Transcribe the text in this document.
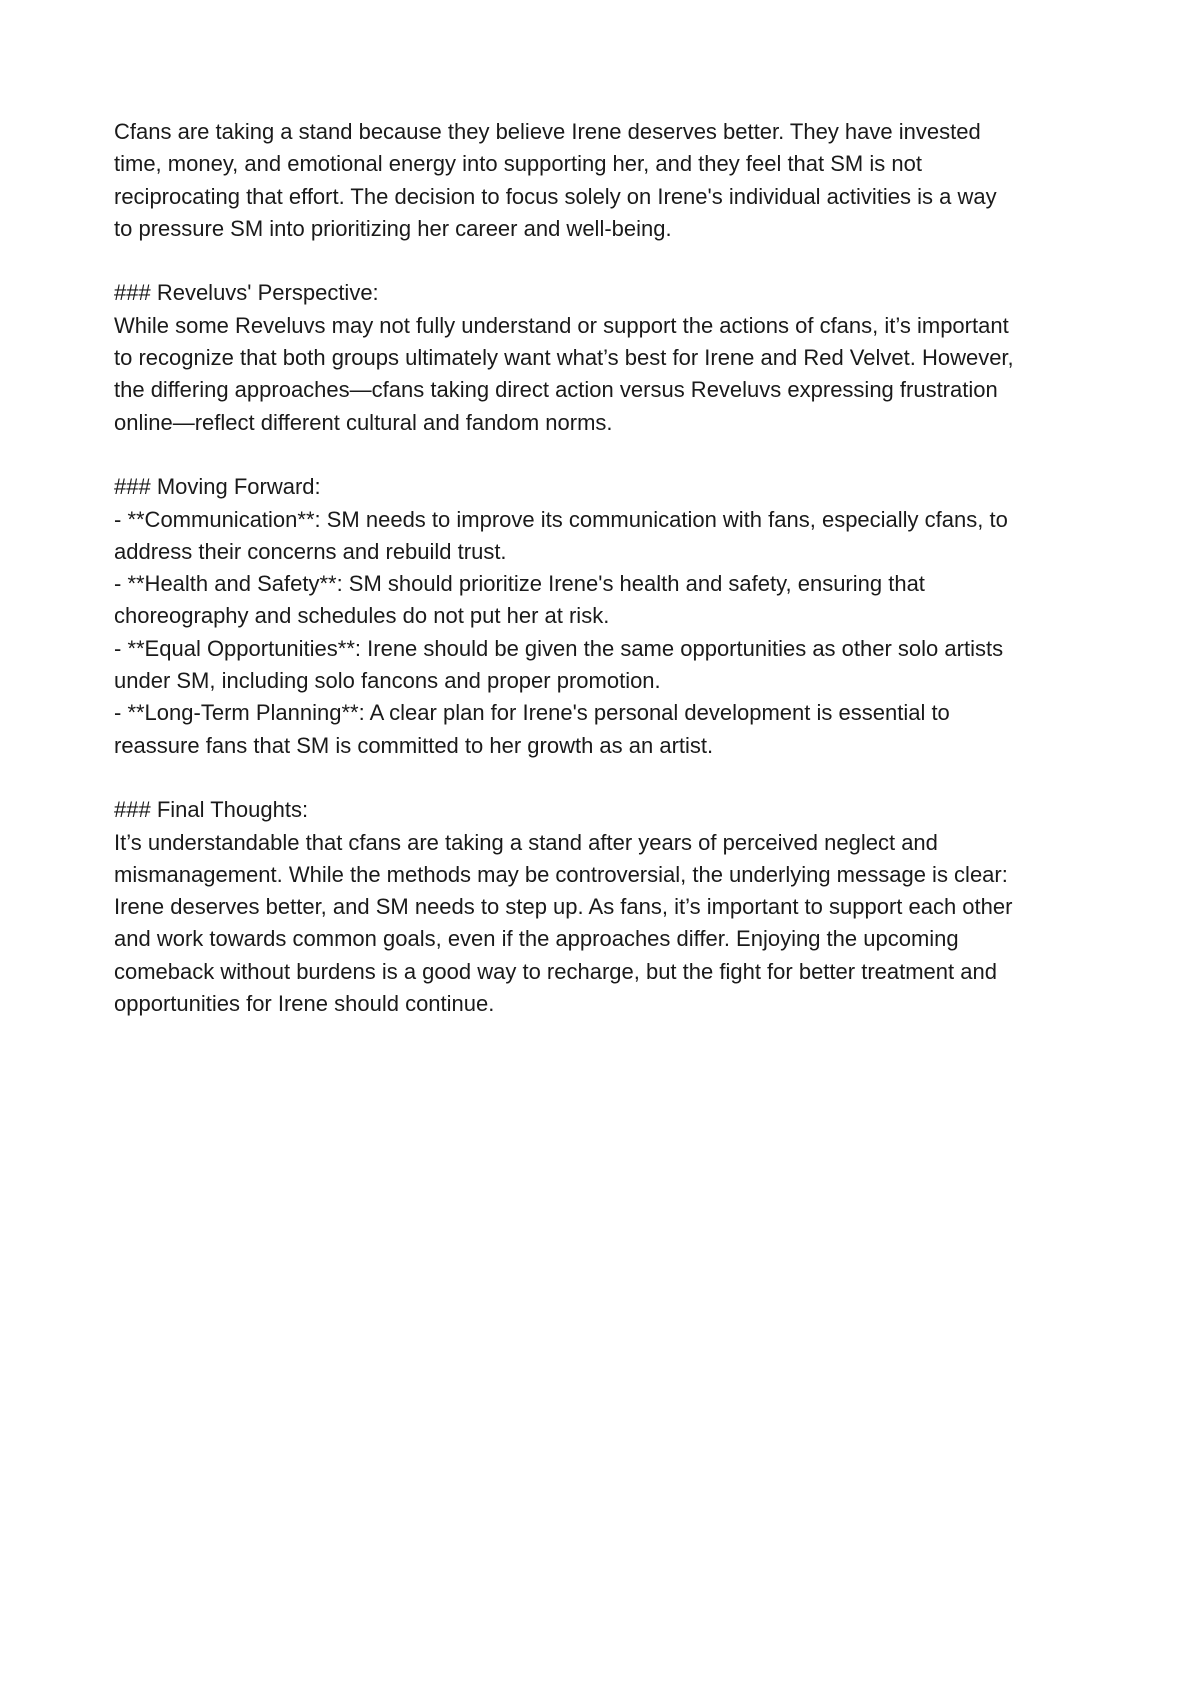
Cfans are taking a stand because they believe Irene deserves better. They have invested
time, money, and emotional energy into supporting her, and they feel that SM is not
reciprocating that effort. The decision to focus solely on Irene's individual activities is a way
to pressure SM into prioritizing her career and well-being.
### Reveluvs' Perspective:
While some Reveluvs may not fully understand or support the actions of cfans, it’s important
to recognize that both groups ultimately want what’s best for Irene and Red Velvet. However,
the differing approaches—cfans taking direct action versus Reveluvs expressing frustration
online—reflect different cultural and fandom norms.
### Moving Forward:
- **Communication**: SM needs to improve its communication with fans, especially cfans, to
address their concerns and rebuild trust.
- **Health and Safety**: SM should prioritize Irene's health and safety, ensuring that
choreography and schedules do not put her at risk.
- **Equal Opportunities**: Irene should be given the same opportunities as other solo artists
under SM, including solo fancons and proper promotion.
- **Long-Term Planning**: A clear plan for Irene's personal development is essential to
reassure fans that SM is committed to her growth as an artist.
### Final Thoughts:
It’s understandable that cfans are taking a stand after years of perceived neglect and
mismanagement. While the methods may be controversial, the underlying message is clear:
Irene deserves better, and SM needs to step up. As fans, it’s important to support each other
and work towards common goals, even if the approaches differ. Enjoying the upcoming
comeback without burdens is a good way to recharge, but the fight for better treatment and
opportunities for Irene should continue.
